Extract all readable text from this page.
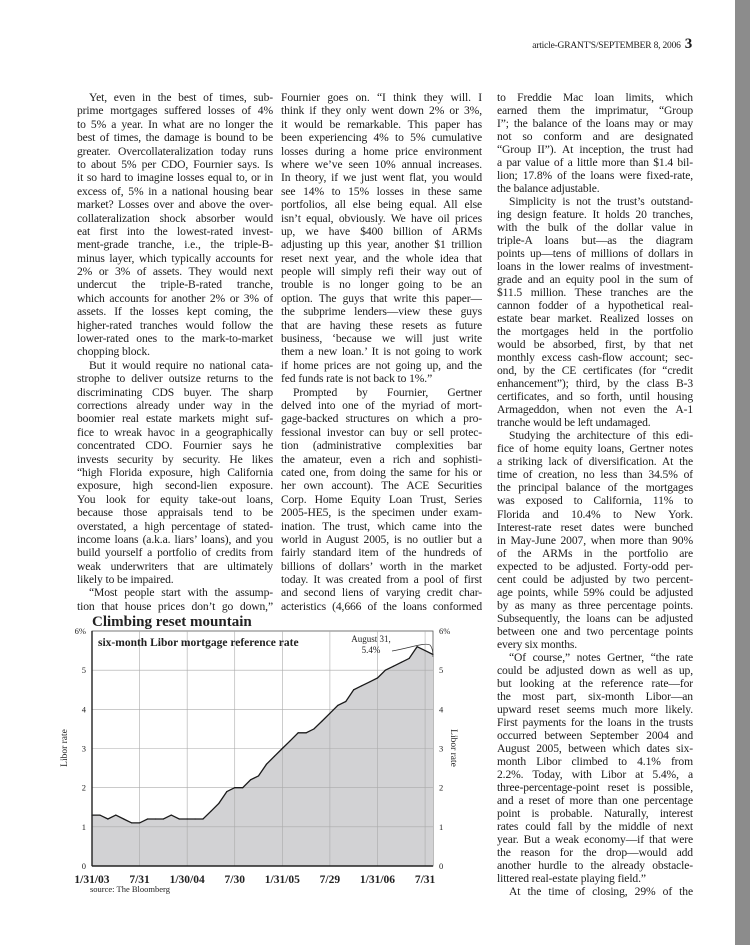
article-GRANT'S/SEPTEMBER 8, 2006 3
Yet, even in the best of times, sub-
prime mortgages suffered losses of 4%
to 5% a year. In what are no longer the
best of times, the damage is bound to be
greater. Overcollateralization today runs
to about 5% per CDO, Fournier says. Is
it so hard to imagine losses equal to, or in
excess of, 5% in a national housing bear
market? Losses over and above the over-
collateralization shock absorber would
eat first into the lowest-rated invest-
ment-grade tranche, i.e., the triple-B-
minus layer, which typically accounts for
2% or 3% of assets. They would next
undercut the triple-B-rated tranche,
which accounts for another 2% or 3% of
assets. If the losses kept coming, the
higher-rated tranches would follow the
lower-rated ones to the mark-to-market
chopping block.
But it would require no national cata-
strophe to deliver outsize returns to the
discriminating CDS buyer. The sharp
corrections already under way in the
boomier real estate markets might suf-
fice to wreak havoc in a geographically
concentrated CDO. Fournier says he
invests security by security. He likes
“high Florida exposure, high California
exposure, high second-lien exposure.
You look for equity take-out loans,
because those appraisals tend to be
overstated, a high percentage of stated-
income loans (a.k.a. liars’ loans), and you
build yourself a portfolio of credits from
weak underwriters that are ultimately
likely to be impaired.
“Most people start with the assump-
tion that house prices don’t go down,”
Fournier goes on. “I think they will. I
think if they only went down 2% or 3%,
it would be remarkable. This paper has
been experiencing 4% to 5% cumulative
losses during a home price environment
where we’ve seen 10% annual increases.
In theory, if we just went flat, you would
see 14% to 15% losses in these same
portfolios, all else being equal. All else
isn’t equal, obviously. We have oil prices
up, we have $400 billion of ARMs
adjusting up this year, another $1 trillion
reset next year, and the whole idea that
people will simply refi their way out of
trouble is no longer going to be an
option. The guys that write this paper—
the subprime lenders—view these guys
that are having these resets as future
business, ‘because we will just write
them a new loan.’ It is not going to work
if home prices are not going up, and the
fed funds rate is not back to 1%.”
Prompted by Fournier, Gertner
delved into one of the myriad of mort-
gage-backed structures on which a pro-
fessional investor can buy or sell protec-
tion (administrative complexities bar
the amateur, even a rich and sophisti-
cated one, from doing the same for his or
her own account). The ACE Securities
Corp. Home Equity Loan Trust, Series
2005-HE5, is the specimen under exam-
ination. The trust, which came into the
world in August 2005, is no outlier but a
fairly standard item of the hundreds of
billions of dollars’ worth in the market
today. It was created from a pool of first
and second liens of varying credit char-
acteristics (4,666 of the loans conformed
to Freddie Mac loan limits, which
earned them the imprimatur, “Group
I”; the balance of the loans may or may
not so conform and are designated
“Group II”). At inception, the trust had
a par value of a little more than $1.4 bil-
lion; 17.8% of the loans were fixed-rate,
the balance adjustable.
Simplicity is not the trust’s outstand-
ing design feature. It holds 20 tranches,
with the bulk of the dollar value in
triple-A loans but—as the diagram
points up—tens of millions of dollars in
loans in the lower realms of investment-
grade and an equity pool in the sum of
$11.5 million. These tranches are the
cannon fodder of a hypothetical real-
estate bear market. Realized losses on
the mortgages held in the portfolio
would be absorbed, first, by that net
monthly excess cash-flow account; sec-
ond, by the CE certificates (for “credit
enhancement”); third, by the class B-3
certificates, and so forth, until housing
Armageddon, when not even the A-1
tranche would be left undamaged.
Studying the architecture of this edi-
fice of home equity loans, Gertner notes
a striking lack of diversification. At the
time of creation, no less than 34.5% of
the principal balance of the mortgages
was exposed to California, 11% to
Florida and 10.4% to New York.
Interest-rate reset dates were bunched
in May-June 2007, when more than 90%
of the ARMs in the portfolio are
expected to be adjusted. Forty-odd per-
cent could be adjusted by two percent-
age points, while 59% could be adjusted
by as many as three percentage points.
Subsequently, the loans can be adjusted
between one and two percentage points
every six months.
“Of course,” notes Gertner, “the rate
could be adjusted down as well as up,
but looking at the reference rate—for
the most part, six-month Libor—an
upward reset seems much more likely.
First payments for the loans in the trusts
occurred between September 2004 and
August 2005, between which dates six-
month Libor climbed to 4.1% from
2.2%. Today, with Libor at 5.4%, a
three-percentage-point reset is possible,
and a reset of more than one percentage
point is probable. Naturally, interest
rates could fall by the middle of next
year. But a weak economy—if that were
the reason for the drop—would add
another hurdle to the already obstacle-
littered real-estate playing field.”
At the time of closing, 29% of the
Climbing reset mountain
0	0
1	1
2	2
3	3
4	4
5	5
6%	6%
1/31/03 7/31 1/30/04 7/30 1/31/05 7/29 1/31/06 7/31
six-month Libor mortgage reference rate
Libor rate	Libor rate
August 31,
5.4%
source: The Bloomberg
